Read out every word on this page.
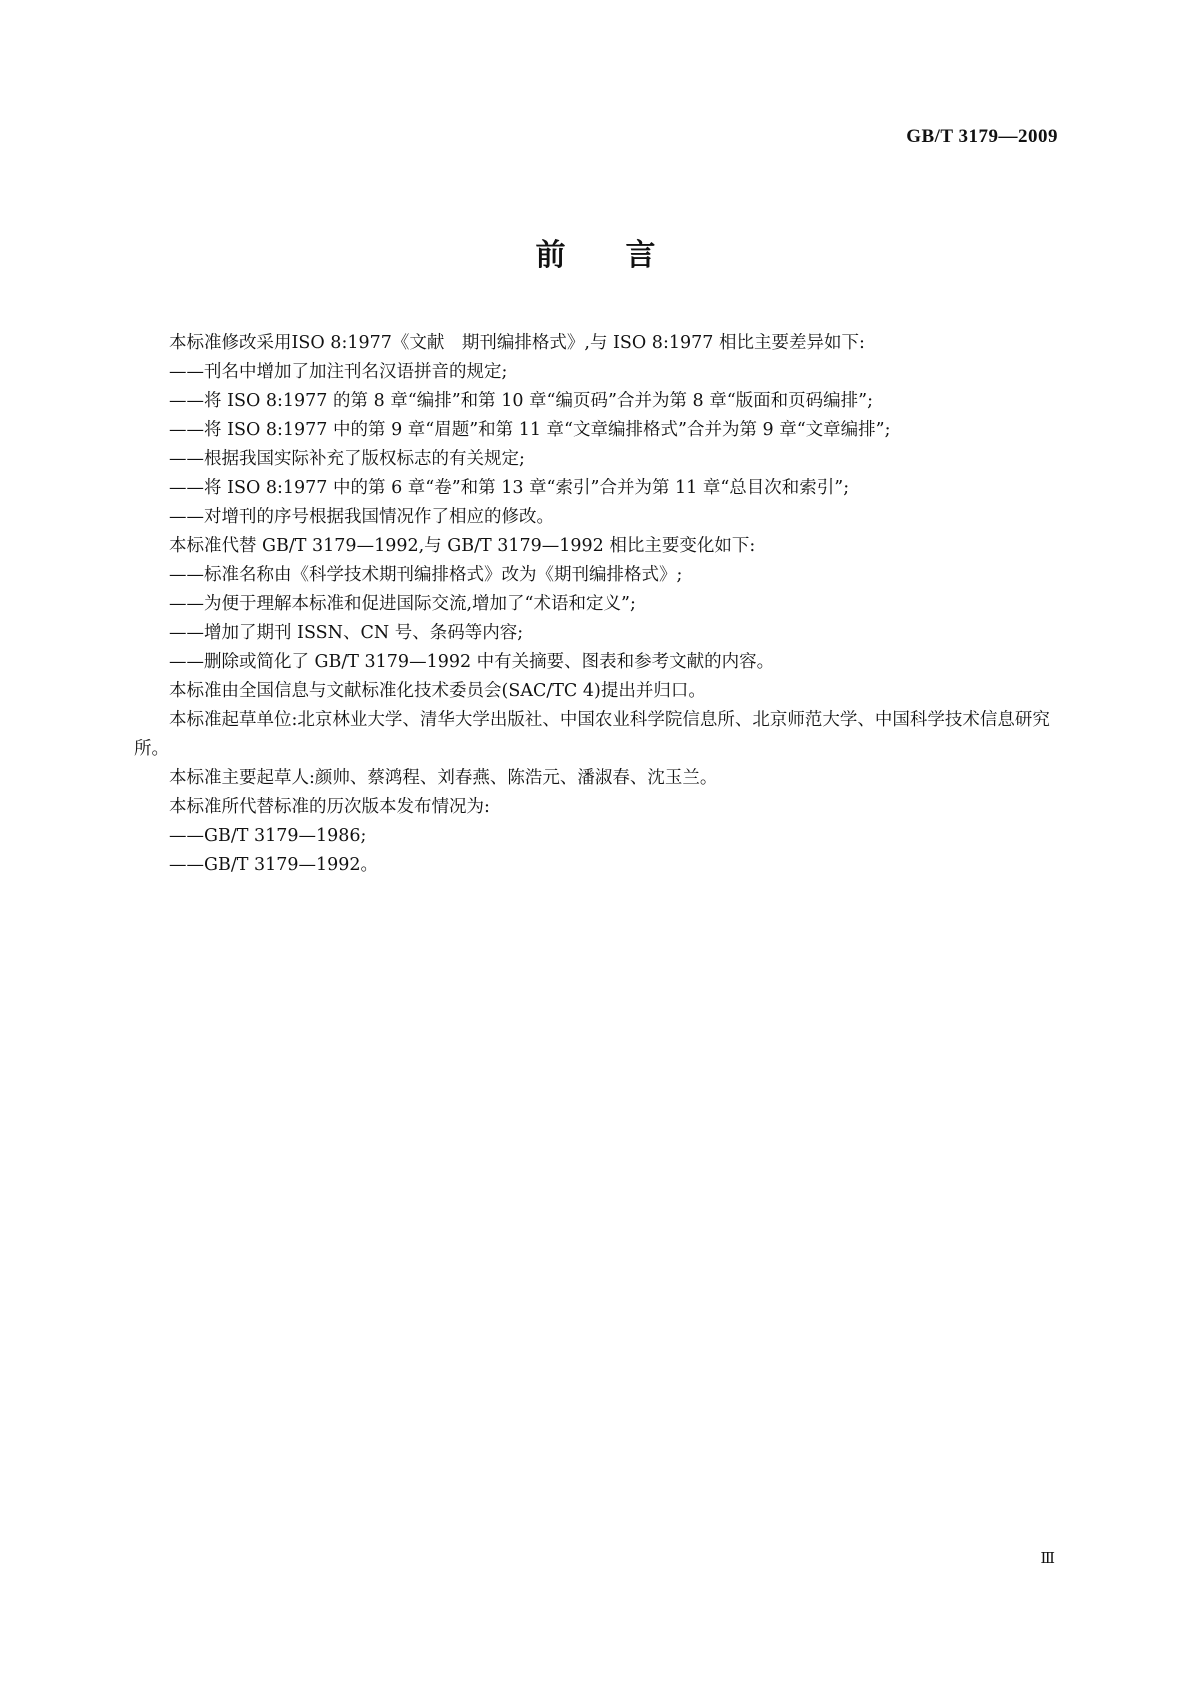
GB/T 3179—2009
前言

本标准修改采用ISO 8:1977《文献　期刊编排格式》,与 ISO 8:1977 相比主要差异如下:

——刊名中增加了加注刊名汉语拼音的规定;

——将 ISO 8:1977 的第 8 章“编排”和第 10 章“编页码”合并为第 8 章“版面和页码编排”;

——将 ISO 8:1977 中的第 9 章“眉题”和第 11 章“文章编排格式”合并为第 9 章“文章编排”;

——根据我国实际补充了版权标志的有关规定;

——将 ISO 8:1977 中的第 6 章“卷”和第 13 章“索引”合并为第 11 章“总目次和索引”;

——对增刊的序号根据我国情况作了相应的修改。

本标准代替 GB/T 3179—1992,与 GB/T 3179—1992 相比主要变化如下:

——标准名称由《科学技术期刊编排格式》改为《期刊编排格式》;

——为便于理解本标准和促进国际交流,增加了“术语和定义”;

——增加了期刊 ISSN、CN 号、条码等内容;

——删除或简化了 GB/T 3179—1992 中有关摘要、图表和参考文献的内容。

本标准由全国信息与文献标准化技术委员会(SAC/TC 4)提出并归口。

本标准起草单位:北京林业大学、清华大学出版社、中国农业科学院信息所、北京师范大学、中国科学技术信息研究所。

本标准主要起草人:颜帅、蔡鸿程、刘春燕、陈浩元、潘淑春、沈玉兰。

本标准所代替标准的历次版本发布情况为:

——GB/T 3179—1986;

——GB/T 3179—1992。

Ⅲ
